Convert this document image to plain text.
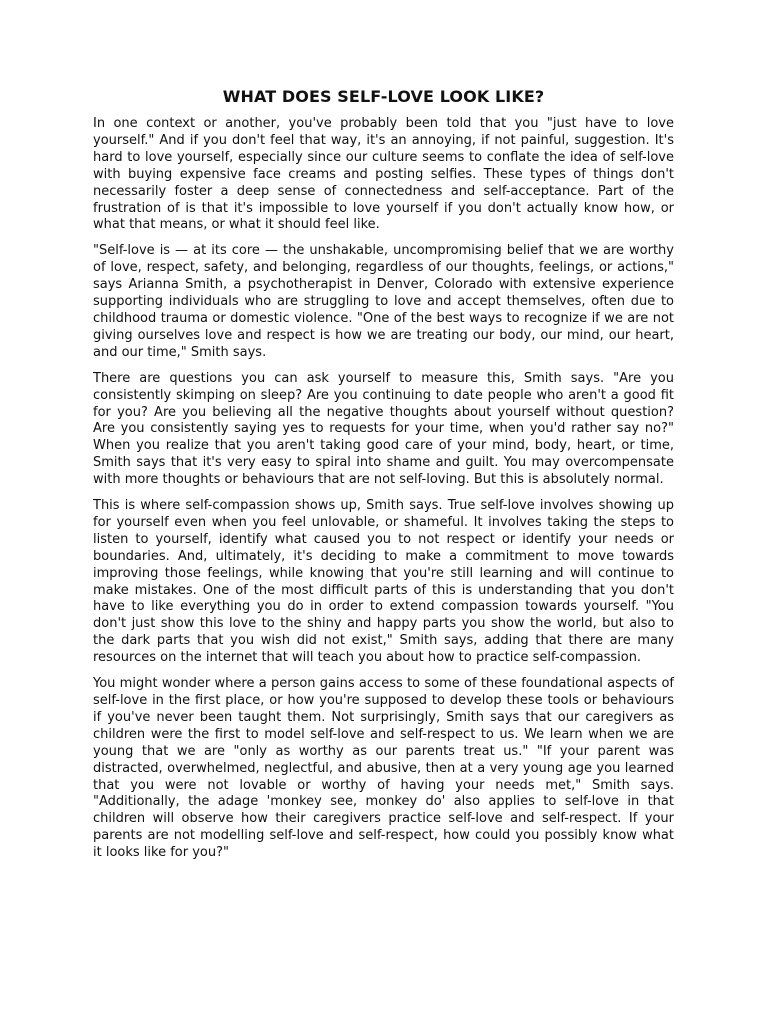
WHAT DOES SELF-LOVE LOOK LIKE?

In one context or another, you've probably been told that you "just have to love yourself." And if you don't feel that way, it's an annoying, if not painful, suggestion. It's hard to love yourself, especially since our culture seems to conflate the idea of self-love with buying expensive face creams and posting selfies. These types of things don't necessarily foster a deep sense of connectedness and self-acceptance. Part of the frustration of is that it's impossible to love yourself if you don't actually know how, or what that means, or what it should feel like.

"Self-love is — at its core — the unshakable, uncompromising belief that we are worthy of love, respect, safety, and belonging, regardless of our thoughts, feelings, or actions," says Arianna Smith, a psychotherapist in Denver, Colorado with extensive experience supporting individuals who are struggling to love and accept themselves, often due to childhood trauma or domestic violence. "One of the best ways to recognize if we are not giving ourselves love and respect is how we are treating our body, our mind, our heart, and our time," Smith says.

There are questions you can ask yourself to measure this, Smith says. "Are you consistently skimping on sleep? Are you continuing to date people who aren't a good fit for you? Are you believing all the negative thoughts about yourself without question? Are you consistently saying yes to requests for your time, when you'd rather say no?" When you realize that you aren't taking good care of your mind, body, heart, or time, Smith says that it's very easy to spiral into shame and guilt. You may overcompensate with more thoughts or behaviours that are not self-loving. But this is absolutely normal.

This is where self-compassion shows up, Smith says. True self-love involves showing up for yourself even when you feel unlovable, or shameful. It involves taking the steps to listen to yourself, identify what caused you to not respect or identify your needs or boundaries. And, ultimately, it's deciding to make a commitment to move towards improving those feelings, while knowing that you're still learning and will continue to make mistakes. One of the most difficult parts of this is understanding that you don't have to like everything you do in order to extend compassion towards yourself. "You don't just show this love to the shiny and happy parts you show the world, but also to the dark parts that you wish did not exist," Smith says, adding that there are many resources on the internet that will teach you about how to practice self-compassion.

You might wonder where a person gains access to some of these foundational aspects of self-love in the first place, or how you're supposed to develop these tools or behaviours if you've never been taught them. Not surprisingly, Smith says that our caregivers as children were the first to model self-love and self-respect to us. We learn when we are young that we are "only as worthy as our parents treat us." "If your parent was distracted, overwhelmed, neglectful, and abusive, then at a very young age you learned that you were not lovable or worthy of having your needs met," Smith says. "Additionally, the adage 'monkey see, monkey do' also applies to self-love in that children will observe how their caregivers practice self-love and self-respect. If your parents are not modelling self-love and self-respect, how could you possibly know what it looks like for you?"
